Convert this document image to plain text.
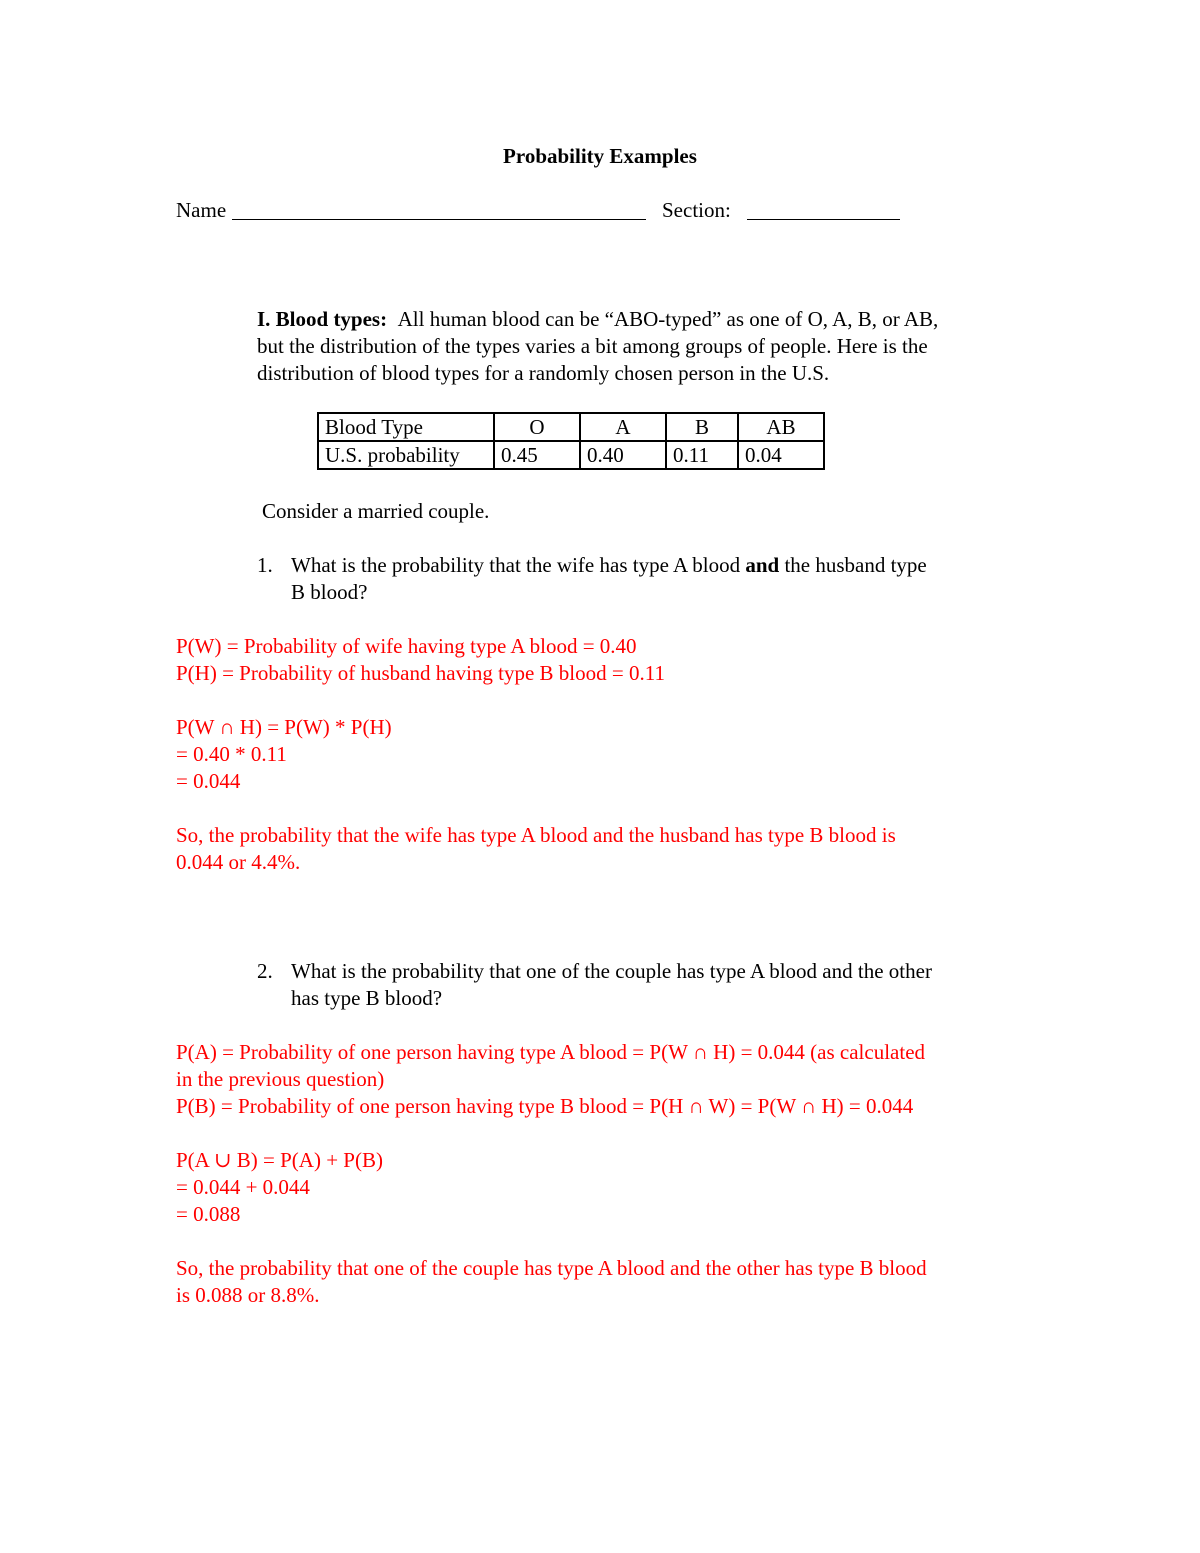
Probability Examples
Name	Section:
I. Blood types: All human blood can be “ABO-typed” as one of O, A, B, or AB,
but the distribution of the types varies a bit among groups of people. Here is the
distribution of blood types for a randomly chosen person in the U.S.
Blood Type	O	A	B	AB
U.S. probability	0.45	0.40	0.11	0.04
Consider a married couple.
1. What is the probability that the wife has type A blood and the husband type
B blood?
P(W) = Probability of wife having type A blood = 0.40
P(H) = Probability of husband having type B blood = 0.11
P(W ∩ H) = P(W) * P(H)
= 0.40 * 0.11
= 0.044
So, the probability that the wife has type A blood and the husband has type B blood is
0.044 or 4.4%.
2. What is the probability that one of the couple has type A blood and the other
has type B blood?
P(A) = Probability of one person having type A blood = P(W ∩ H) = 0.044 (as calculated
in the previous question)
P(B) = Probability of one person having type B blood = P(H ∩ W) = P(W ∩ H) = 0.044
P(A ∪ B) = P(A) + P(B)
= 0.044 + 0.044
= 0.088
So, the probability that one of the couple has type A blood and the other has type B blood
is 0.088 or 8.8%.
